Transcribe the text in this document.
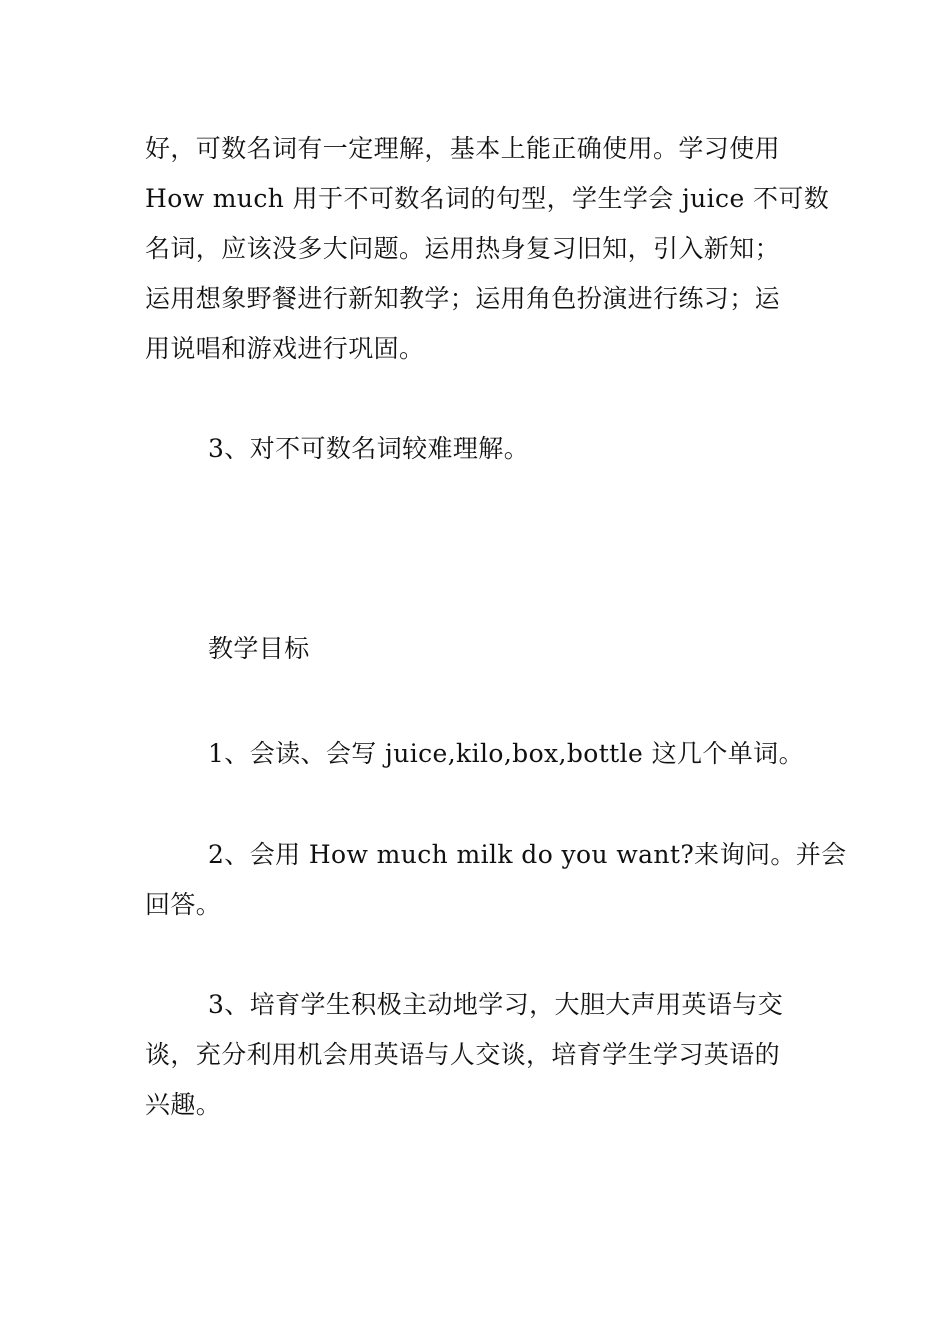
好，可数名词有一定理解，基本上能正确使用。学习使用
How much 用于不可数名词的句型，学生学会 juice 不可数
名词，应该没多大问题。运用热身复习旧知，引入新知；
运用想象野餐进行新知教学；运用角色扮演进行练习；运
用说唱和游戏进行巩固。
3、对不可数名词较难理解。
教学目标
1、会读、会写 juice,kilo,box,bottle 这几个单词。
2、会用 How much milk do you want?来询问。并会
回答。
3、培育学生积极主动地学习，大胆大声用英语与交
谈，充分利用机会用英语与人交谈，培育学生学习英语的
兴趣。
